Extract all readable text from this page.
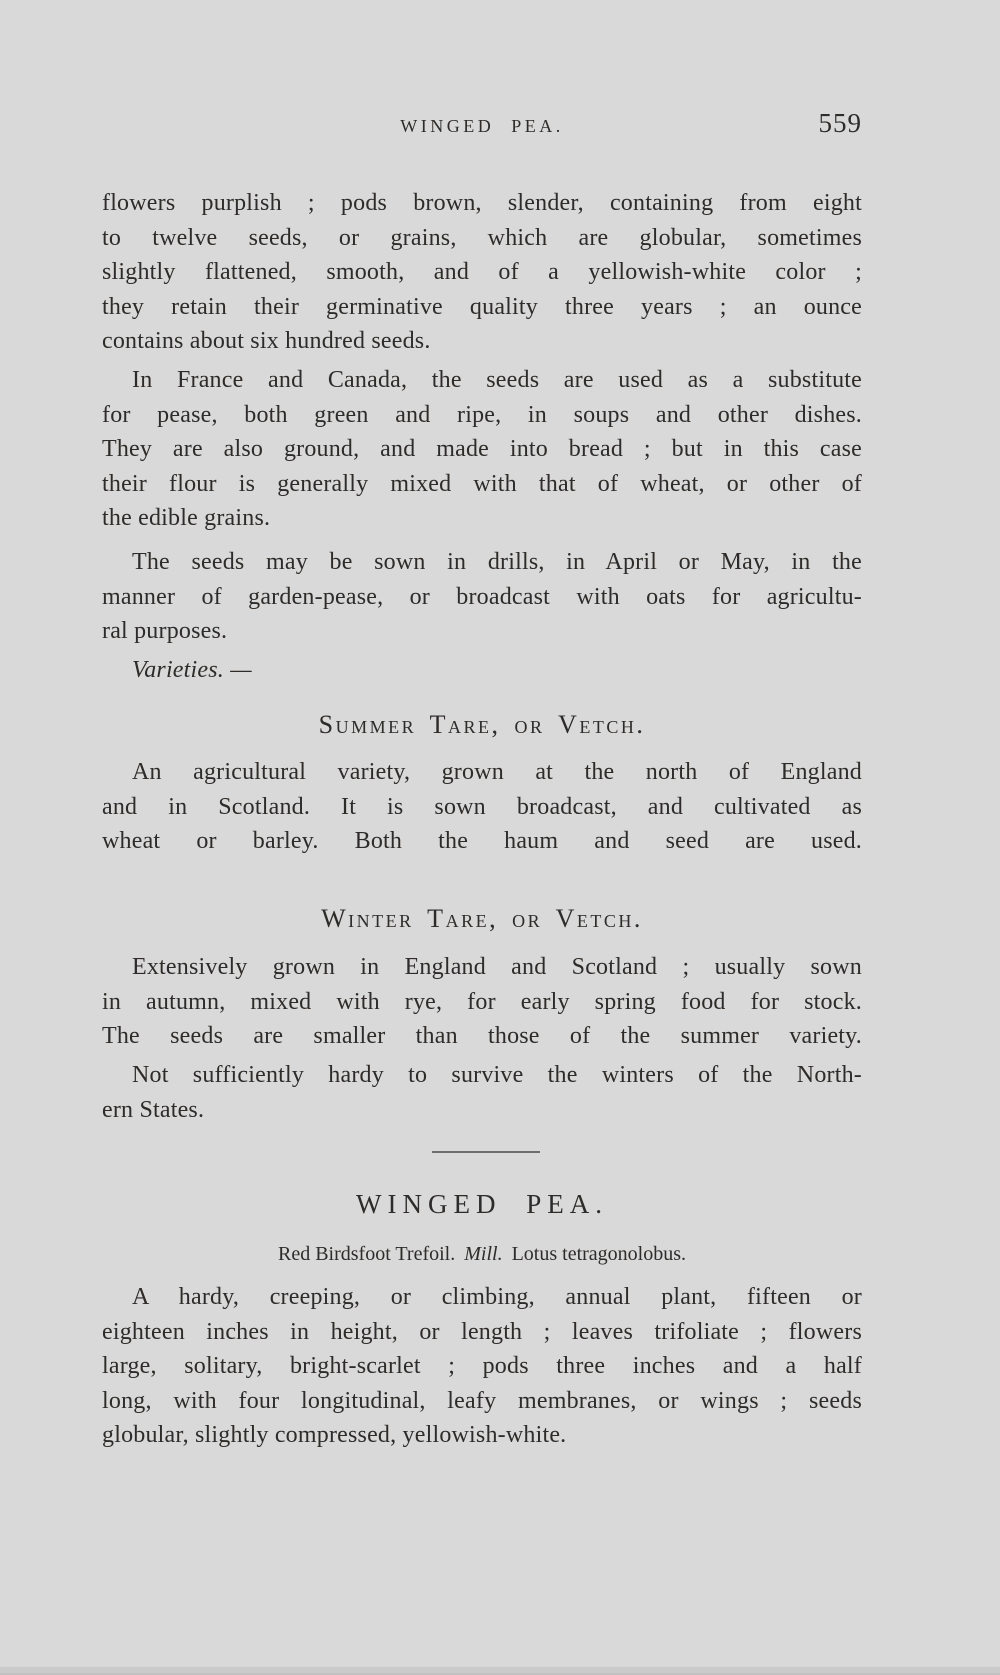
WINGED PEA.	559
flowers purplish ; pods brown, slender, containing from eight
to twelve seeds, or grains, which are globular, sometimes
slightly flattened, smooth, and of a yellowish-white color ;
they retain their germinative quality three years ; an ounce
contains about six hundred seeds.
In France and Canada, the seeds are used as a substitute
for pease, both green and ripe, in soups and other dishes.
They are also ground, and made into bread ; but in this case
their flour is generally mixed with that of wheat, or other of
the edible grains.
The seeds may be sown in drills, in April or May, in the
manner of garden-pease, or broadcast with oats for agricultu-
ral purposes.
Varieties. —
Summer Tare, or Vetch.
An agricultural variety, grown at the north of England
and in Scotland. It is sown broadcast, and cultivated as
wheat or barley. Both the haum and seed are used.
Winter Tare, or Vetch.
Extensively grown in England and Scotland ; usually sown
in autumn, mixed with rye, for early spring food for stock.
The seeds are smaller than those of the summer variety.
Not sufficiently hardy to survive the winters of the North-
ern States.
WINGED PEA.
Red Birdsfoot Trefoil. Mill. Lotus tetragonolobus.
A hardy, creeping, or climbing, annual plant, fifteen or
eighteen inches in height, or length ; leaves trifoliate ; flowers
large, solitary, bright-scarlet ; pods three inches and a half
long, with four longitudinal, leafy membranes, or wings ; seeds
globular, slightly compressed, yellowish-white.
